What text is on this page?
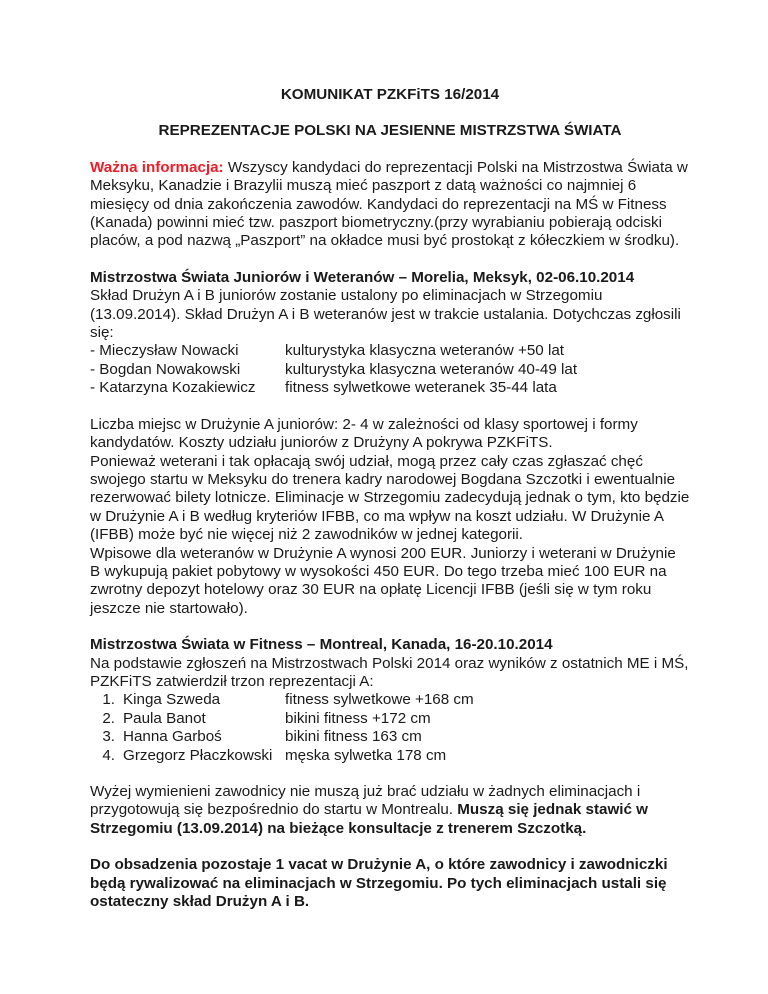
KOMUNIKAT PZKFiTS 16/2014

REPREZENTACJE POLSKI NA JESIENNE MISTRZSTWA ŚWIATA

Ważna informacja: Wszyscy kandydaci do reprezentacji Polski na Mistrzostwa Świata w Meksyku, Kanadzie i Brazylii muszą mieć paszport z datą ważności co najmniej 6 miesięcy od dnia zakończenia zawodów. Kandydaci do reprezentacji na MŚ w Fitness (Kanada) powinni mieć tzw. paszport biometryczny.(przy wyrabianiu pobierają odciski placów, a pod nazwą „Paszport” na okładce musi być prostokąt z kółeczkiem w środku).

Mistrzostwa Świata Juniorów i Weteranów – Morelia, Meksyk, 02-06.10.2014

Skład Drużyn A i B juniorów zostanie ustalony po eliminacjach w Strzegomiu (13.09.2014). Skład Drużyn A i B weteranów jest w trakcie ustalania. Dotychczas zgłosili się:

- Mieczysław Nowacki	kulturystyka klasyczna weteranów +50 lat
- Bogdan Nowakowski	kulturystyka klasyczna weteranów 40-49 lat
- Katarzyna Kozakiewicz	fitness sylwetkowe weteranek 35-44 lata

Liczba miejsc w Drużynie A juniorów: 2- 4 w zależności od klasy sportowej i formy kandydatów. Koszty udziału juniorów z Drużyny A pokrywa PZKFiTS.

Ponieważ weterani i tak opłacają swój udział, mogą przez cały czas zgłaszać chęć swojego startu w Meksyku do trenera kadry narodowej Bogdana Szczotki i ewentualnie rezerwować bilety lotnicze. Eliminacje w Strzegomiu zadecydują jednak o tym, kto będzie w Drużynie A i B według kryteriów IFBB, co ma wpływ na koszt udziału. W Drużynie A (IFBB) może być nie więcej niż 2 zawodników w jednej kategorii.

Wpisowe dla weteranów w Drużynie A wynosi 200 EUR. Juniorzy i weterani w Drużynie B wykupują pakiet pobytowy w wysokości 450 EUR. Do tego trzeba mieć 100 EUR na zwrotny depozyt hotelowy oraz 30 EUR na opłatę Licencji IFBB (jeśli się w tym roku jeszcze nie startowało).

Mistrzostwa Świata w Fitness – Montreal, Kanada, 16-20.10.2014

Na podstawie zgłoszeń na Mistrzostwach Polski 2014 oraz wyników z ostatnich ME i MŚ, PZKFiTS zatwierdził trzon reprezentacji A:

1. Kinga Szweda	fitness sylwetkowe +168 cm
2. Paula Banot	bikini fitness +172 cm
3. Hanna Garboś	bikini fitness 163 cm
4. Grzegorz Płaczkowski męska sylwetka 178 cm

Wyżej wymienieni zawodnicy nie muszą już brać udziału w żadnych eliminacjach i przygotowują się bezpośrednio do startu w Montrealu. Muszą się jednak stawić w Strzegomiu (13.09.2014) na bieżące konsultacje z trenerem Szczotką.

Do obsadzenia pozostaje 1 vacat w Drużynie A, o które zawodnicy i zawodniczki będą rywalizować na eliminacjach w Strzegomiu. Po tych eliminacjach ustali się ostateczny skład Drużyn A i B.
